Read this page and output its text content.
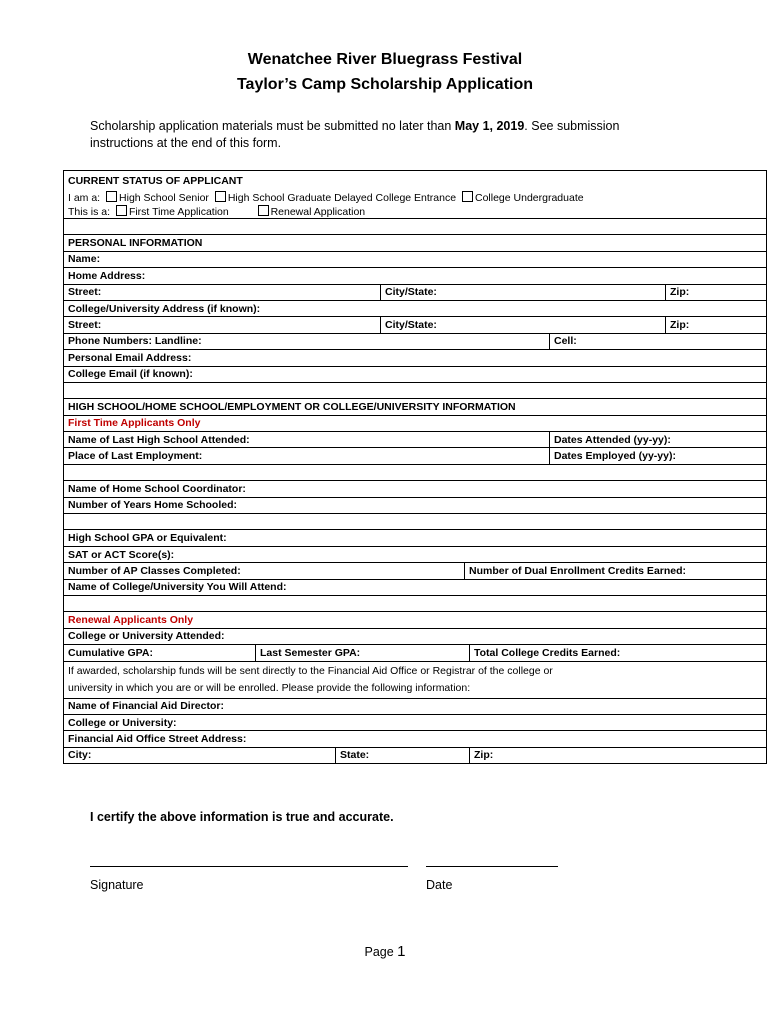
Wenatchee River Bluegrass Festival
Taylor’s Camp Scholarship Application
Scholarship application materials must be submitted no later than May 1, 2019. See submission instructions at the end of this form.
CURRENT STATUS OF APPLICANT							
I am a: High School Senior High School Graduate Delayed College Entrance College Undergraduate							
This is a: First Time Application Renewal Application							

PERSONAL INFORMATION							
Name:							
Home Address:							
Street:			City/State:				Zip:
College/University Address (if known):							
Street:			City/State:				Zip:
Phone Numbers: Landline:						Cell:	
Personal Email Address:							
College Email (if known):							

HIGH SCHOOL/HOME SCHOOL/EMPLOYMENT OR COLLEGE/UNIVERSITY INFORMATION							
First Time Applicants Only							
Name of Last High School Attended:						Dates Attended (yy-yy):	
Place of Last Employment:						Dates Employed (yy-yy):	

Name of Home School Coordinator:							
Number of Years Home Schooled:							

High School GPA or Equivalent:							
SAT or ACT Score(s):							
Number of AP Classes Completed:				Number of Dual Enrollment Credits Earned:			
Name of College/University You Will Attend:							

Renewal Applicants Only							
College or University Attended:							
Cumulative GPA:	Last Semester GPA:				Total College Credits Earned:		
If awarded, scholarship funds will be sent directly to the Financial Aid Office or Registrar of the college or
university in which you are or will be enrolled. Please provide the following information:							
Name of Financial Aid Director:							
College or University:							
Financial Aid Office Street Address:							
City:		State:			Zip:		
I certify the above information is true and accurate.
Signature	Date
Page 1
